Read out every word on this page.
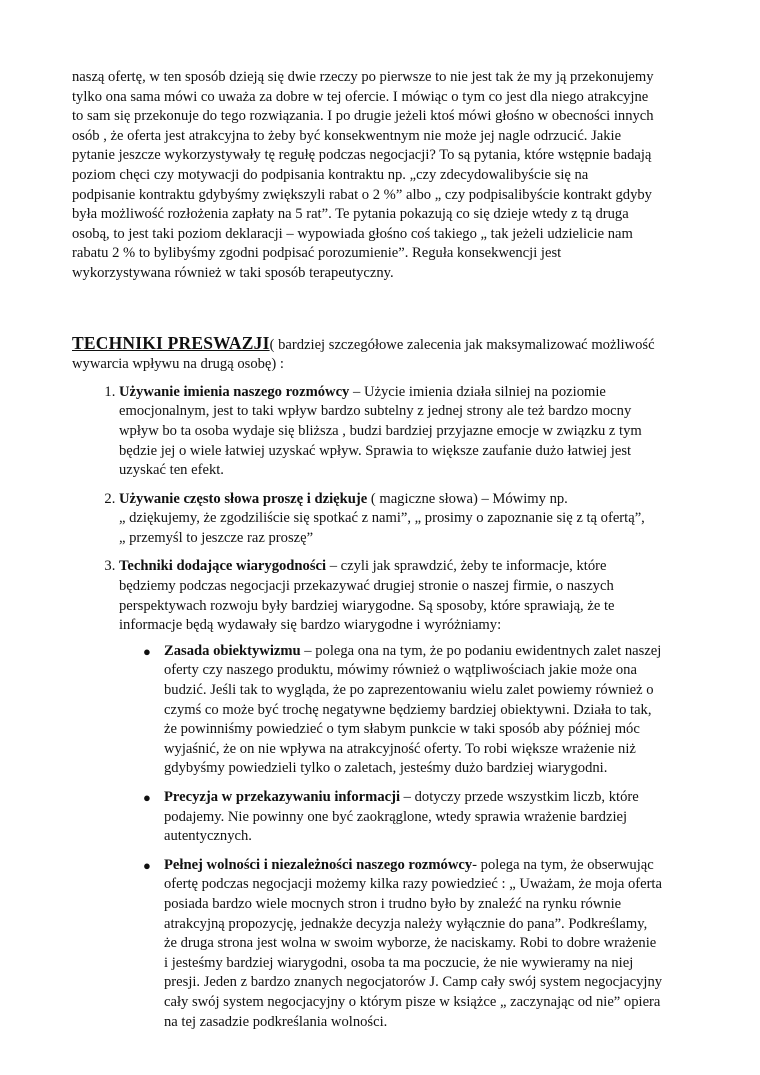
naszą ofertę, w ten sposób dzieją się dwie rzeczy po pierwsze to nie jest tak że my ją przekonujemy
tylko ona sama mówi co uważa za dobre w tej ofercie. I mówiąc o tym co jest dla niego atrakcyjne
to sam się przekonuje do tego rozwiązania. I po drugie jeżeli ktoś mówi głośno w obecności innych
osób , że oferta jest atrakcyjna to żeby być konsekwentnym nie może jej nagle odrzucić. Jakie
pytanie jeszcze wykorzystywały tę regułę podczas negocjacji? To są pytania, które wstępnie badają
poziom chęci czy motywacji do podpisania kontraktu np. „czy zdecydowalibyście się na
podpisanie kontraktu gdybyśmy zwiększyli rabat o 2 %” albo „ czy podpisalibyście kontrakt gdyby
była możliwość rozłożenia zapłaty na 5 rat”. Te pytania pokazują co się dzieje wtedy z tą druga
osobą, to jest taki poziom deklaracji – wypowiada głośno coś takiego „ tak jeżeli udzielicie nam
rabatu 2 % to bylibyśmy zgodni podpisać porozumienie”. Reguła konsekwencji jest
wykorzystywana również w taki sposób terapeutyczny.

TECHNIKI PRESWAZJI( bardziej szczegółowe zalecenia jak maksymalizować możliwość
wywarcia wpływu na drugą osobę) :
1. Używanie imienia naszego rozmówcy – Użycie imienia działa silniej na poziomie
emocjonalnym, jest to taki wpływ bardzo subtelny z jednej strony ale też bardzo mocny
wpływ bo ta osoba wydaje się bliższa , budzi bardziej przyjazne emocje w związku z tym
będzie jej o wiele łatwiej uzyskać wpływ. Sprawia to większe zaufanie dużo łatwiej jest
uzyskać ten efekt.
2. Używanie często słowa proszę i dziękuje ( magiczne słowa) – Mówimy np.
„ dziękujemy, że zgodziliście się spotkać z nami”, „ prosimy o zapoznanie się z tą ofertą”,
„ przemyśl to jeszcze raz proszę”
3. Techniki dodające wiarygodności – czyli jak sprawdzić, żeby te informacje, które
będziemy podczas negocjacji przekazywać drugiej stronie o naszej firmie, o naszych
perspektywach rozwoju były bardziej wiarygodne. Są sposoby, które sprawiają, że te
informacje będą wydawały się bardzo wiarygodne i wyróżniamy:
● Zasada obiektywizmu – polega ona na tym, że po podaniu ewidentnych zalet naszej
oferty czy naszego produktu, mówimy również o wątpliwościach jakie może ona
budzić. Jeśli tak to wygląda, że po zaprezentowaniu wielu zalet powiemy również o
czymś co może być trochę negatywne będziemy bardziej obiektywni. Działa to tak,
że powinniśmy powiedzieć o tym słabym punkcie w taki sposób aby później móc
wyjaśnić, że on nie wpływa na atrakcyjność oferty. To robi większe wrażenie niż
gdybyśmy powiedzieli tylko o zaletach, jesteśmy dużo bardziej wiarygodni.
● Precyzja w przekazywaniu informacji – dotyczy przede wszystkim liczb, które
podajemy. Nie powinny one być zaokrąglone, wtedy sprawia wrażenie bardziej
autentycznych.
● Pełnej wolności i niezależności naszego rozmówcy- polega na tym, że obserwując
ofertę podczas negocjacji możemy kilka razy powiedzieć : „ Uważam, że moja oferta
posiada bardzo wiele mocnych stron i trudno było by znaleźć na rynku równie
atrakcyjną propozycję, jednakże decyzja należy wyłącznie do pana”. Podkreślamy,
że druga strona jest wolna w swoim wyborze, że naciskamy. Robi to dobre wrażenie
i jesteśmy bardziej wiarygodni, osoba ta ma poczucie, że nie wywieramy na niej
presji. Jeden z bardzo znanych negocjatorów J. Camp cały swój system negocjacyjny
cały swój system negocjacyjny o którym pisze w książce „ zaczynając od nie” opiera
na tej zasadzie podkreślania wolności.
